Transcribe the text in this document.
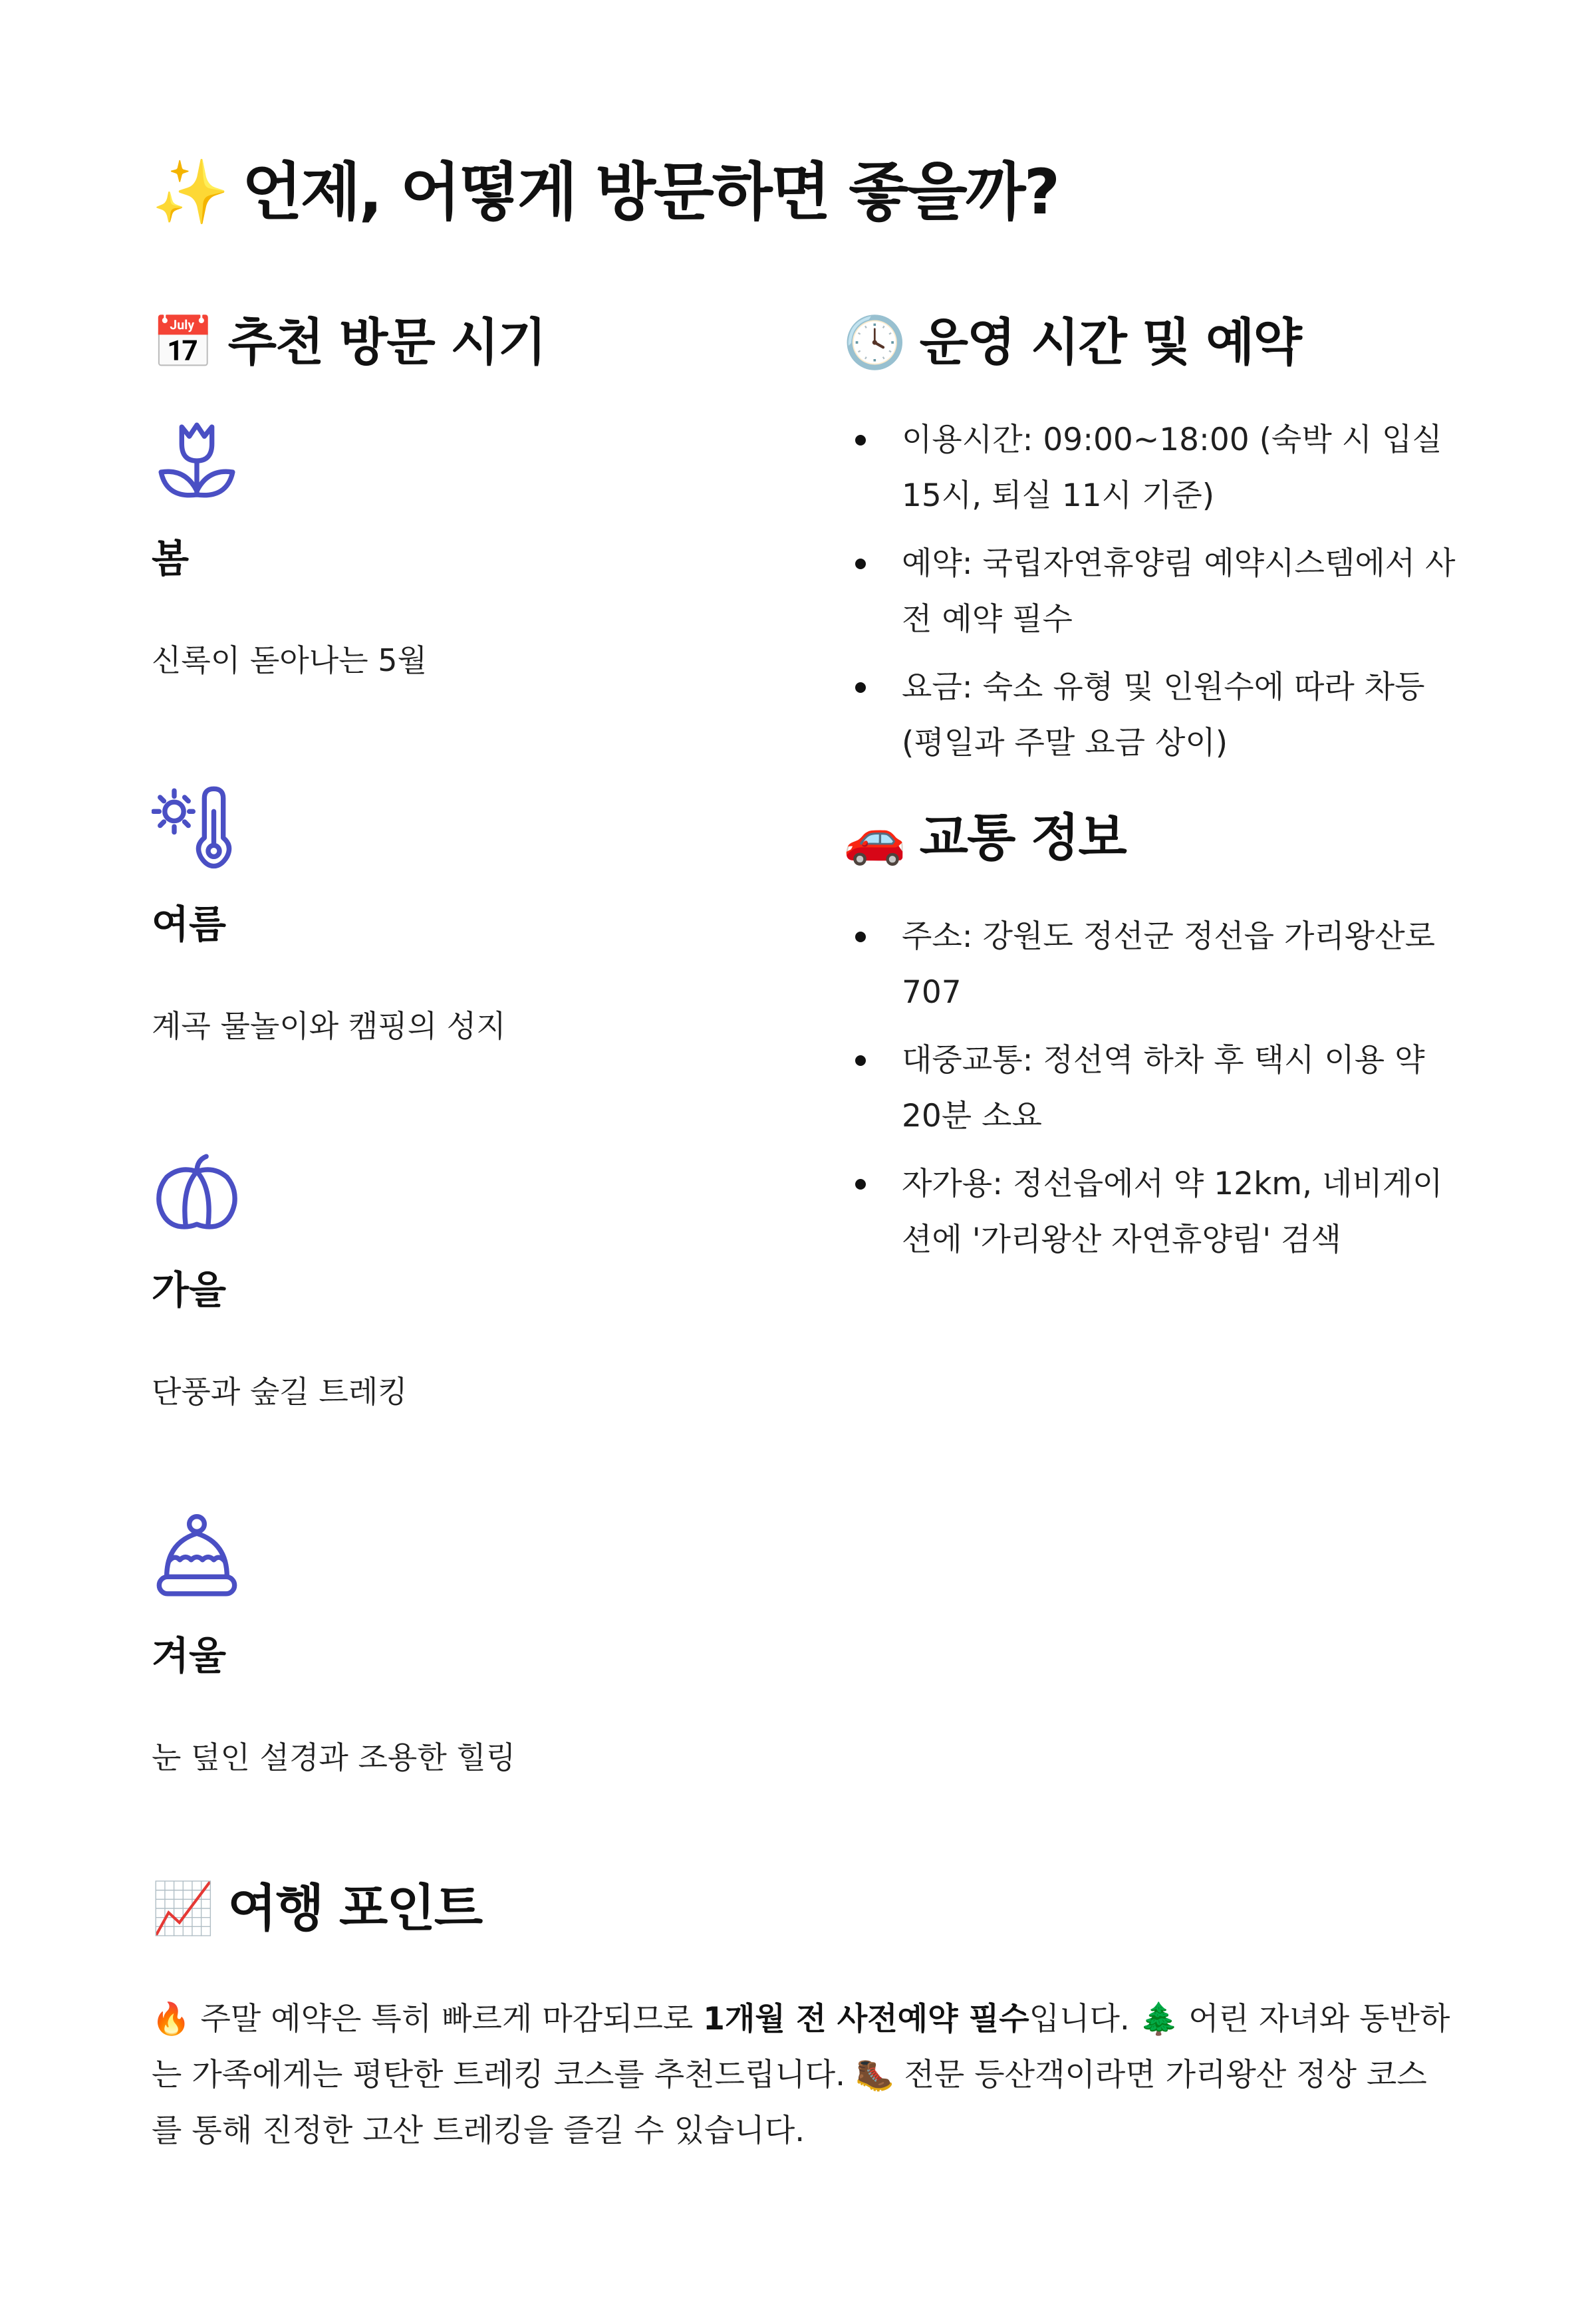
✨ 언제, 어떻게 방문하면 좋을까?
📅 추천 방문 시기
봄
신록이 돋아나는 5월
여름
계곡 물놀이와 캠핑의 성지
가을
단풍과 숲길 트레킹
겨울
눈 덮인 설경과 조용한 힐링
🕓 운영 시간 및 예약
이용시간: 09:00~18:00 (숙박 시 입실 15시, 퇴실 11시 기준)
예약: 국립자연휴양림 예약시스템에서 사전 예약 필수
요금: 숙소 유형 및 인원수에 따라 차등 (평일과 주말 요금 상이)
🚗 교통 정보
주소: 강원도 정선군 정선읍 가리왕산로 707
대중교통: 정선역 하차 후 택시 이용 약 20분 소요
자가용: 정선읍에서 약 12km, 네비게이션에 '가리왕산 자연휴양림' 검색
📈 여행 포인트

🔥 주말 예약은 특히 빠르게 마감되므로 1개월 전 사전예약 필수입니다. 🌲 어린 자녀와 동반하는 가족에게는 평탄한 트레킹 코스를 추천드립니다. 🥾 전문 등산객이라면 가리왕산 정상 코스를 통해 진정한 고산 트레킹을 즐길 수 있습니다.
